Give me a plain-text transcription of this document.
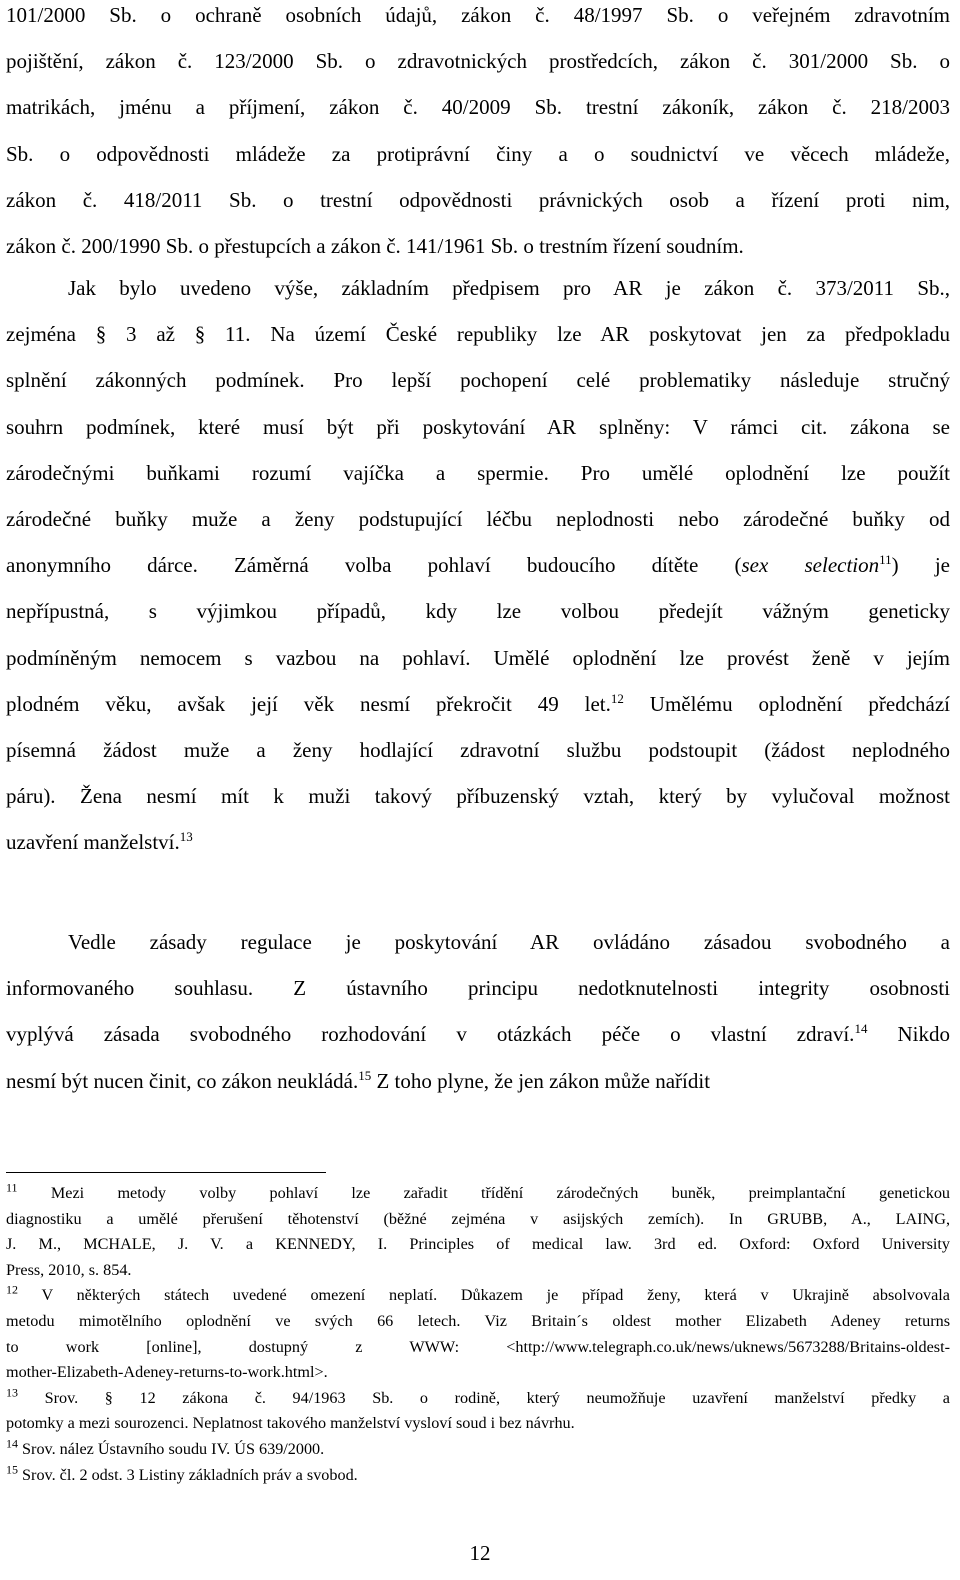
101/2000 Sb. o ochraně osobních údajů, zákon č. 48/1997 Sb. o veřejném zdravotním
pojištění, zákon č. 123/2000 Sb. o zdravotnických prostředcích, zákon č. 301/2000 Sb. o
matrikách, jménu a příjmení, zákon č. 40/2009 Sb. trestní zákoník, zákon č. 218/2003
Sb. o odpovědnosti mládeže za protiprávní činy a o soudnictví ve věcech mládeže,
zákon č. 418/2011 Sb. o trestní odpovědnosti právnických osob a řízení proti nim,
zákon č. 200/1990 Sb. o přestupcích a zákon č. 141/1961 Sb. o trestním řízení soudním.
Jak bylo uvedeno výše, základním předpisem pro AR je zákon č. 373/2011 Sb.,
zejména § 3 až § 11. Na území České republiky lze AR poskytovat jen za předpokladu
splnění zákonných podmínek. Pro lepší pochopení celé problematiky následuje stručný
souhrn podmínek, které musí být při poskytování AR splněny: V rámci cit. zákona se
zárodečnými buňkami rozumí vajíčka a spermie. Pro umělé oplodnění lze použít
zárodečné buňky muže a ženy podstupující léčbu neplodnosti nebo zárodečné buňky od
anonymního dárce. Záměrná volba pohlaví budoucího dítěte (sex selection$^{11}$) je
nepřípustná, s výjimkou případů, kdy lze volbou předejít vážným geneticky
podmíněným nemocem s vazbou na pohlaví. Umělé oplodnění lze provést ženě v jejím
plodném věku, avšak její věk nesmí překročit 49 let.$^{12}$ Umělému oplodnění předchází
písemná žádost muže a ženy hodlající zdravotní službu podstoupit (žádost neplodného
páru). Žena nesmí mít k muži takový příbuzenský vztah, který by vylučoval možnost
uzavření manželství.$^{13}$
Vedle zásady regulace je poskytování AR ovládáno zásadou svobodného a
informovaného souhlasu. Z ústavního principu nedotknutelnosti integrity osobnosti
vyplývá zásada svobodného rozhodování v otázkách péče o vlastní zdraví.$^{14}$ Nikdo
nesmí být nucen činit, co zákon neukládá.$^{15}$ Z toho plyne, že jen zákon může nařídit
$^{11}$ Mezi metody volby pohlaví lze zařadit třídění zárodečných buněk, preimplantační genetickou
diagnostiku a umělé přerušení těhotenství (běžné zejména v asijských zemích). In GRUBB, A., LAING,
J. M., MCHALE, J. V. a KENNEDY, I. Principles of medical law. 3rd ed. Oxford: Oxford University
Press, 2010, s. 854.
$^{12}$ V některých státech uvedené omezení neplatí. Důkazem je případ ženy, která v Ukrajině absolvovala
metodu mimotělního oplodnění ve svých 66 letech. Viz Britain´s oldest mother Elizabeth Adeney returns
to work [online], dostupný z WWW: <http://www.telegraph.co.uk/news/uknews/5673288/Britains-oldest-
mother-Elizabeth-Adeney-returns-to-work.html>.
$^{13}$ Srov. § 12 zákona č. 94/1963 Sb. o rodině, který neumožňuje uzavření manželství předky a
potomky a mezi sourozenci. Neplatnost takového manželství vysloví soud i bez návrhu.
$^{14}$ Srov. nález Ústavního soudu IV. ÚS 639/2000.
$^{15}$ Srov. čl. 2 odst. 3 Listiny základních práv a svobod.
12
